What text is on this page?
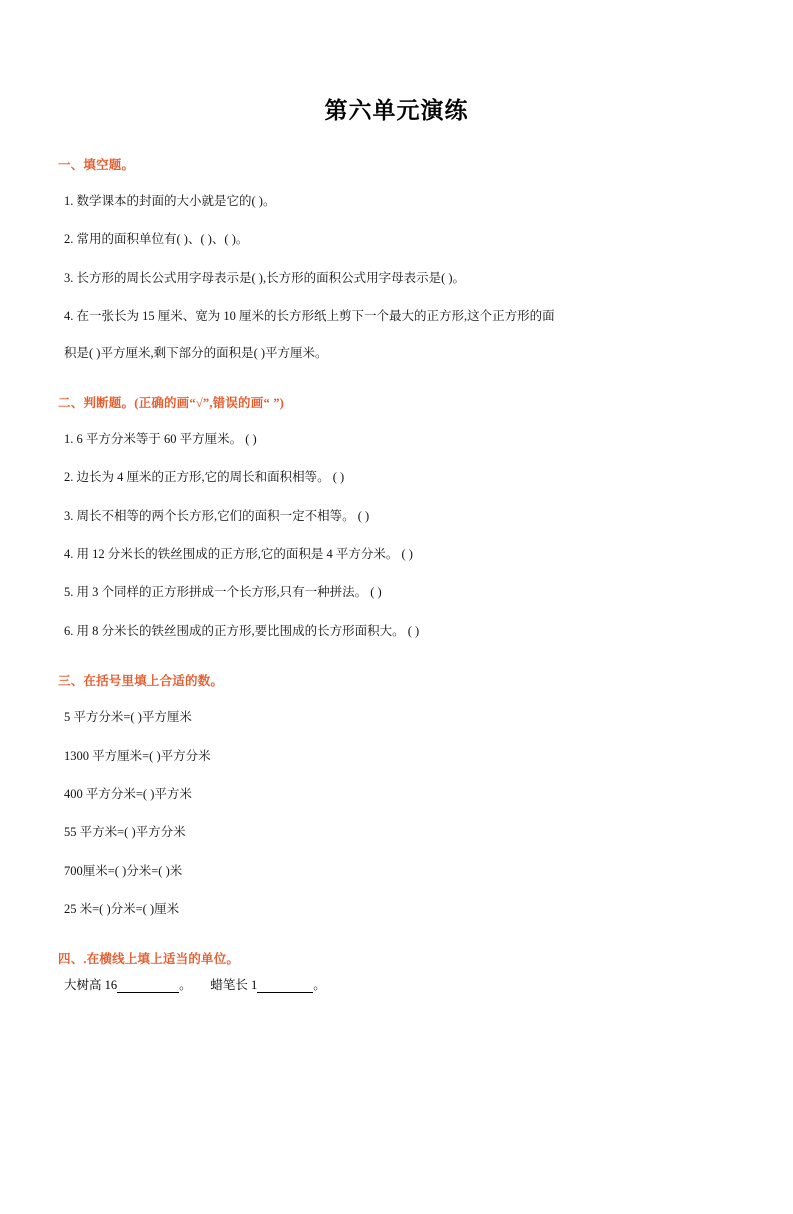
第六单元演练
一、填空题。
1. 数学课本的封面的大小就是它的( )。
2. 常用的面积单位有( )、( )、( )。
3. 长方形的周长公式用字母表示是( ),长方形的面积公式用字母表示是( )。
4. 在一张长为 15 厘米、宽为 10 厘米的长方形纸上剪下一个最大的正方形,这个正方形的面
积是( )平方厘米,剩下部分的面积是( )平方厘米。
二、判断题。(正确的画“√”,错误的画“ ”)
1. 6 平方分米等于 60 平方厘米。 ( )
2. 边长为 4 厘米的正方形,它的周长和面积相等。 ( )
3. 周长不相等的两个长方形,它们的面积一定不相等。 ( )
4. 用 12 分米长的铁丝围成的正方形,它的面积是 4 平方分米。 ( )
5. 用 3 个同样的正方形拼成一个长方形,只有一种拼法。 ( )
6. 用 8 分米长的铁丝围成的正方形,要比围成的长方形面积大。 ( )
三、在括号里填上合适的数。
5 平方分米=( )平方厘米
1300 平方厘米=( )平方分米
400 平方分米=( )平方米
55 平方米=( )平方分米
700厘米=( )分米=( )米
25 米=( )分米=( )厘米
四、.在横线上填上适当的单位。
大树高 16	。 蜡笔长 1	。
